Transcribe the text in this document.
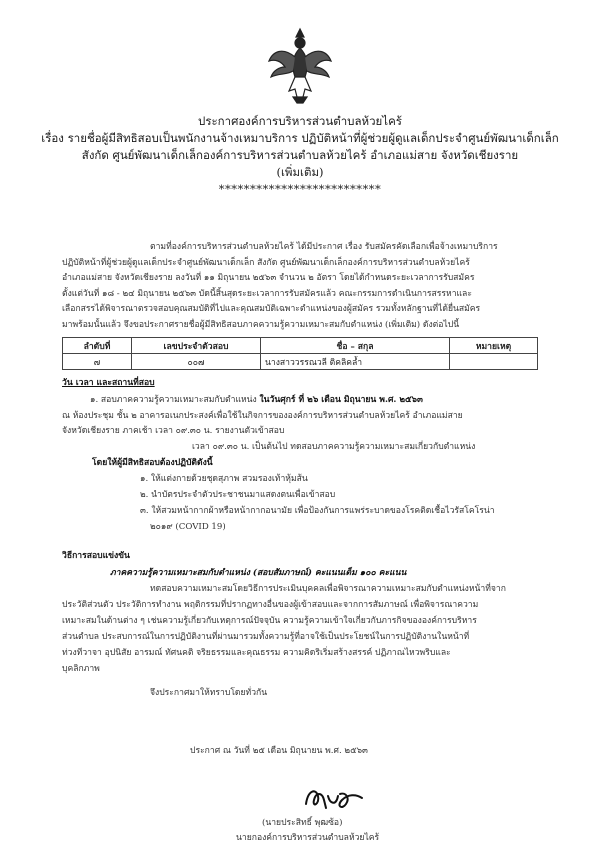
ประกาศองค์การบริหารส่วนตำบลห้วยไคร้
เรื่อง รายชื่อผู้มีสิทธิสอบเป็นพนักงานจ้างเหมาบริการ ปฏิบัติหน้าที่ผู้ช่วยผู้ดูแลเด็กประจำศูนย์พัฒนาเด็กเล็ก
สังกัด ศูนย์พัฒนาเด็กเล็กองค์การบริหารส่วนตำบลห้วยไคร้ อำเภอแม่สาย จังหวัดเชียงราย
(เพิ่มเติม)
**************************
ตามที่องค์การบริหารส่วนตำบลห้วยไคร้ ได้มีประกาศ เรื่อง รับสมัครคัดเลือกเพื่อจ้างเหมาบริการ
ปฏิบัติหน้าที่ผู้ช่วยผู้ดูแลเด็กประจำศูนย์พัฒนาเด็กเล็ก สังกัด ศูนย์พัฒนาเด็กเล็กองค์การบริหารส่วนตำบลห้วยไคร้
อำเภอแม่สาย จังหวัดเชียงราย ลงวันที่ ๑๑ มิถุนายน ๒๕๖๓ จำนวน ๒ อัตรา โดยได้กำหนดระยะเวลาการรับสมัคร
ตั้งแต่วันที่ ๑๘ - ๒๔ มิถุนายน ๒๕๖๓ บัดนี้สิ้นสุดระยะเวลาการรับสมัครแล้ว คณะกรรมการดำเนินการสรรหาและ
เลือกสรรได้พิจารณาตรวจสอบคุณสมบัติที่ไปและคุณสมบัติเฉพาะตำแหน่งของผู้สมัคร รวมทั้งหลักฐานที่ได้ยื่นสมัคร
มาพร้อมนั้นแล้ว จึงขอประกาศรายชื่อผู้มีสิทธิสอบภาคความรู้ความเหมาะสมกับตำแหน่ง (เพิ่มเติม) ดังต่อไปนี้
ลำดับที่	เลขประจำตัวสอบ	ชื่อ – สกุล	หมายเหตุ
๗	๐๐๗	นางสาววรรณวลี ติคลิคล้ำ	
วัน เวลา และสถานที่สอบ
๑. สอบภาคความรู้ความเหมาะสมกับตำแหน่ง ในวันศุกร์ ที่ ๒๖ เดือน มิถุนายน พ.ศ. ๒๕๖๓
ณ ห้องประชุม ชั้น ๒ อาคารอเนกประสงค์เพื่อใช้ในกิจการขององค์การบริหารส่วนตำบลห้วยไคร้ อำเภอแม่สาย
จังหวัดเชียงราย ภาคเช้า เวลา ๐๙.๓๐ น. รายงานตัวเข้าสอบ
เวลา ๐๙.๓๐ น. เป็นต้นไป ทดสอบภาคความรู้ความเหมาะสมเกี่ยวกับตำแหน่ง
โดยให้ผู้มีสิทธิสอบต้องปฏิบัติดังนี้
๑. ให้แต่งกายด้วยชุดสุภาพ สวมรองเท้าหุ้มส้น
๒. นำบัตรประจำตัวประชาชนมาแสดงตนเพื่อเข้าสอบ
๓. ให้สวมหน้ากากผ้าหรือหน้ากากอนามัย เพื่อป้องกันการแพร่ระบาดของโรคติดเชื้อไวรัสโคโรน่า
๒๐๑๙ (COVID 19)
วิธีการสอบแข่งขัน
ภาคความรู้ความเหมาะสมกับตำแหน่ง (สอบสัมภาษณ์) คะแนนเต็ม ๑๐๐ คะแนน
ทดสอบความเหมาะสมโดยวิธีการประเมินบุคคลเพื่อพิจารณาความเหมาะสมกับตำแหน่งหน้าที่จาก
ประวัติส่วนตัว ประวัติการทำงาน พฤติกรรมที่ปรากฏทางอื่นของผู้เข้าสอบและจากการสัมภาษณ์ เพื่อพิจารณาความ
เหมาะสมในด้านต่าง ๆ เช่นความรู้เกี่ยวกับเหตุการณ์ปัจจุบัน ความรู้ความเข้าใจเกี่ยวกับภารกิจขององค์การบริหาร
ส่วนตำบล ประสบการณ์ในการปฏิบัติงานที่ผ่านมารวมทั้งความรู้ที่อาจใช้เป็นประโยชน์ในการปฏิบัติงานในหน้าที่
ท่วงทีวาจา อุปนิสัย อารมณ์ ทัศนคติ จริยธรรมและคุณธรรม ความคิดริเริ่มสร้างสรรค์ ปฏิภาณไหวพริบและ
บุคลิกภาพ
จึงประกาศมาให้ทราบโดยทั่วกัน
ประกาศ ณ วันที่ ๒๕ เดือน มิถุนายน พ.ศ. ๒๕๖๓
(นายประสิทธิ์ พุฒซ้อ)
นายกองค์การบริหารส่วนตำบลห้วยไคร้
